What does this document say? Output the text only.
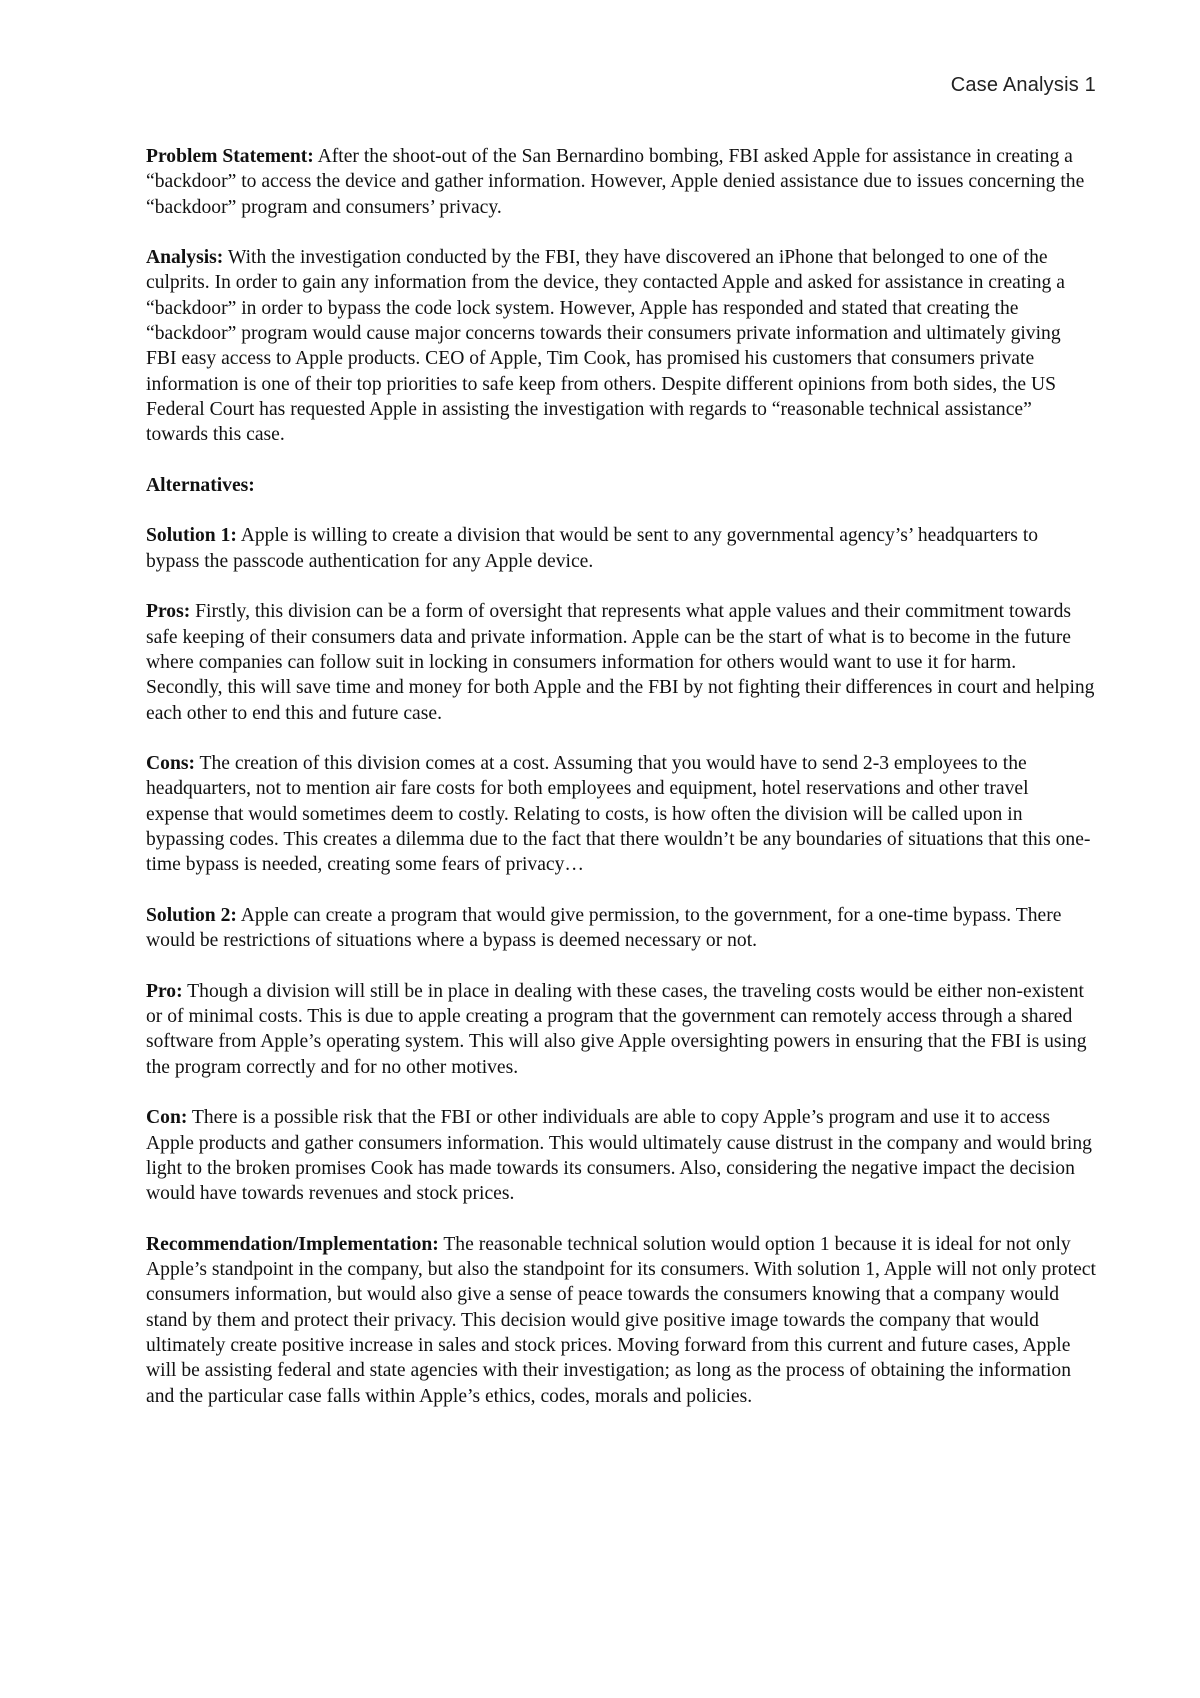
Case Analysis 1

Problem Statement: After the shoot-out of the San Bernardino bombing, FBI asked Apple for assistance in creating a “backdoor” to access the device and gather information. However, Apple denied assistance due to issues concerning the “backdoor” program and consumers’ privacy.

Analysis: With the investigation conducted by the FBI, they have discovered an iPhone that belonged to one of the culprits. In order to gain any information from the device, they contacted Apple and asked for assistance in creating a “backdoor” in order to bypass the code lock system. However, Apple has responded and stated that creating the “backdoor” program would cause major concerns towards their consumers private information and ultimately giving FBI easy access to Apple products. CEO of Apple, Tim Cook, has promised his customers that consumers private information is one of their top priorities to safe keep from others. Despite different opinions from both sides, the US Federal Court has requested Apple in assisting the investigation with regards to “reasonable technical assistance” towards this case.

Alternatives:

Solution 1: Apple is willing to create a division that would be sent to any governmental agency’s’ headquarters to bypass the passcode authentication for any Apple device.

Pros: Firstly, this division can be a form of oversight that represents what apple values and their commitment towards safe keeping of their consumers data and private information. Apple can be the start of what is to become in the future where companies can follow suit in locking in consumers information for others would want to use it for harm. Secondly, this will save time and money for both Apple and the FBI by not fighting their differences in court and helping each other to end this and future case.

Cons: The creation of this division comes at a cost. Assuming that you would have to send 2-3 employees to the headquarters, not to mention air fare costs for both employees and equipment, hotel reservations and other travel expense that would sometimes deem to costly. Relating to costs, is how often the division will be called upon in bypassing codes. This creates a dilemma due to the fact that there wouldn’t be any boundaries of situations that this one-time bypass is needed, creating some fears of privacy…

Solution 2: Apple can create a program that would give permission, to the government, for a one-time bypass. There would be restrictions of situations where a bypass is deemed necessary or not.

Pro: Though a division will still be in place in dealing with these cases, the traveling costs would be either non-existent or of minimal costs. This is due to apple creating a program that the government can remotely access through a shared software from Apple’s operating system. This will also give Apple oversighting powers in ensuring that the FBI is using the program correctly and for no other motives.

Con: There is a possible risk that the FBI or other individuals are able to copy Apple’s program and use it to access Apple products and gather consumers information. This would ultimately cause distrust in the company and would bring light to the broken promises Cook has made towards its consumers. Also, considering the negative impact the decision would have towards revenues and stock prices.

Recommendation/Implementation: The reasonable technical solution would option 1 because it is ideal for not only Apple’s standpoint in the company, but also the standpoint for its consumers. With solution 1, Apple will not only protect consumers information, but would also give a sense of peace towards the consumers knowing that a company would stand by them and protect their privacy. This decision would give positive image towards the company that would ultimately create positive increase in sales and stock prices. Moving forward from this current and future cases, Apple will be assisting federal and state agencies with their investigation; as long as the process of obtaining the information and the particular case falls within Apple’s ethics, codes, morals and policies.
